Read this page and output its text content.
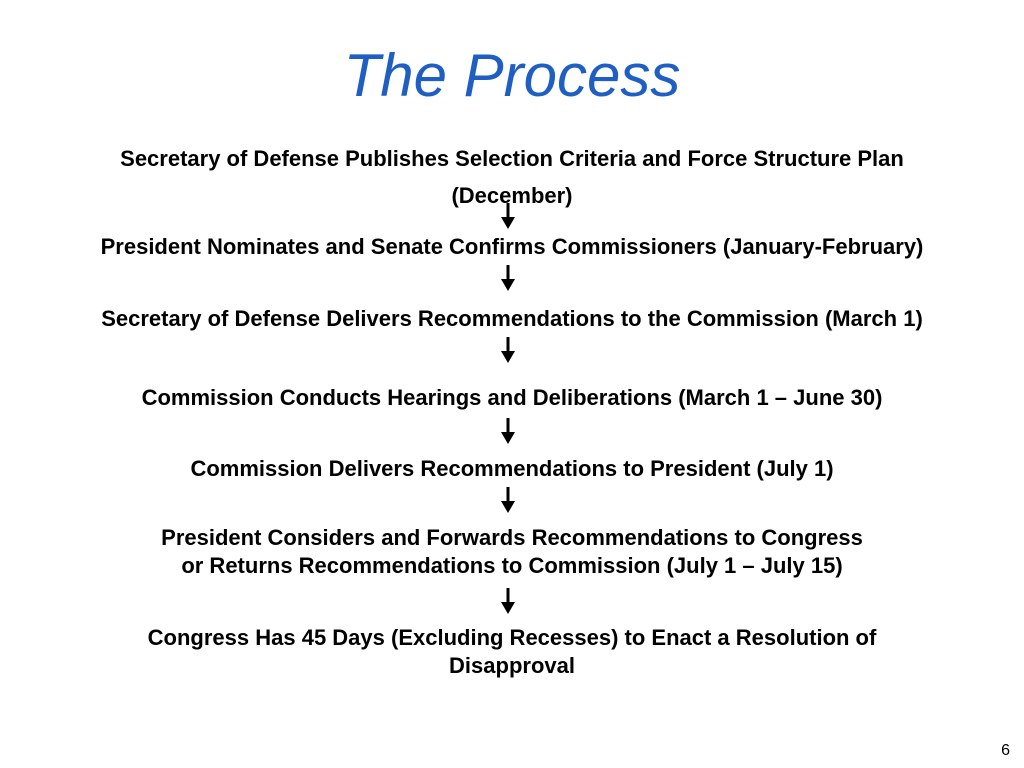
The Process
Secretary of Defense Publishes Selection Criteria and Force Structure Plan
(December)
President Nominates and Senate Confirms Commissioners (January-February)
Secretary of Defense Delivers Recommendations to the Commission (March 1)
Commission Conducts Hearings and Deliberations (March 1 – June 30)
Commission Delivers Recommendations to President (July 1)
President Considers and Forwards Recommendations to Congress
or Returns Recommendations to Commission (July 1 – July 15)
Congress Has 45 Days (Excluding Recesses) to Enact a Resolution of
Disapproval
6
